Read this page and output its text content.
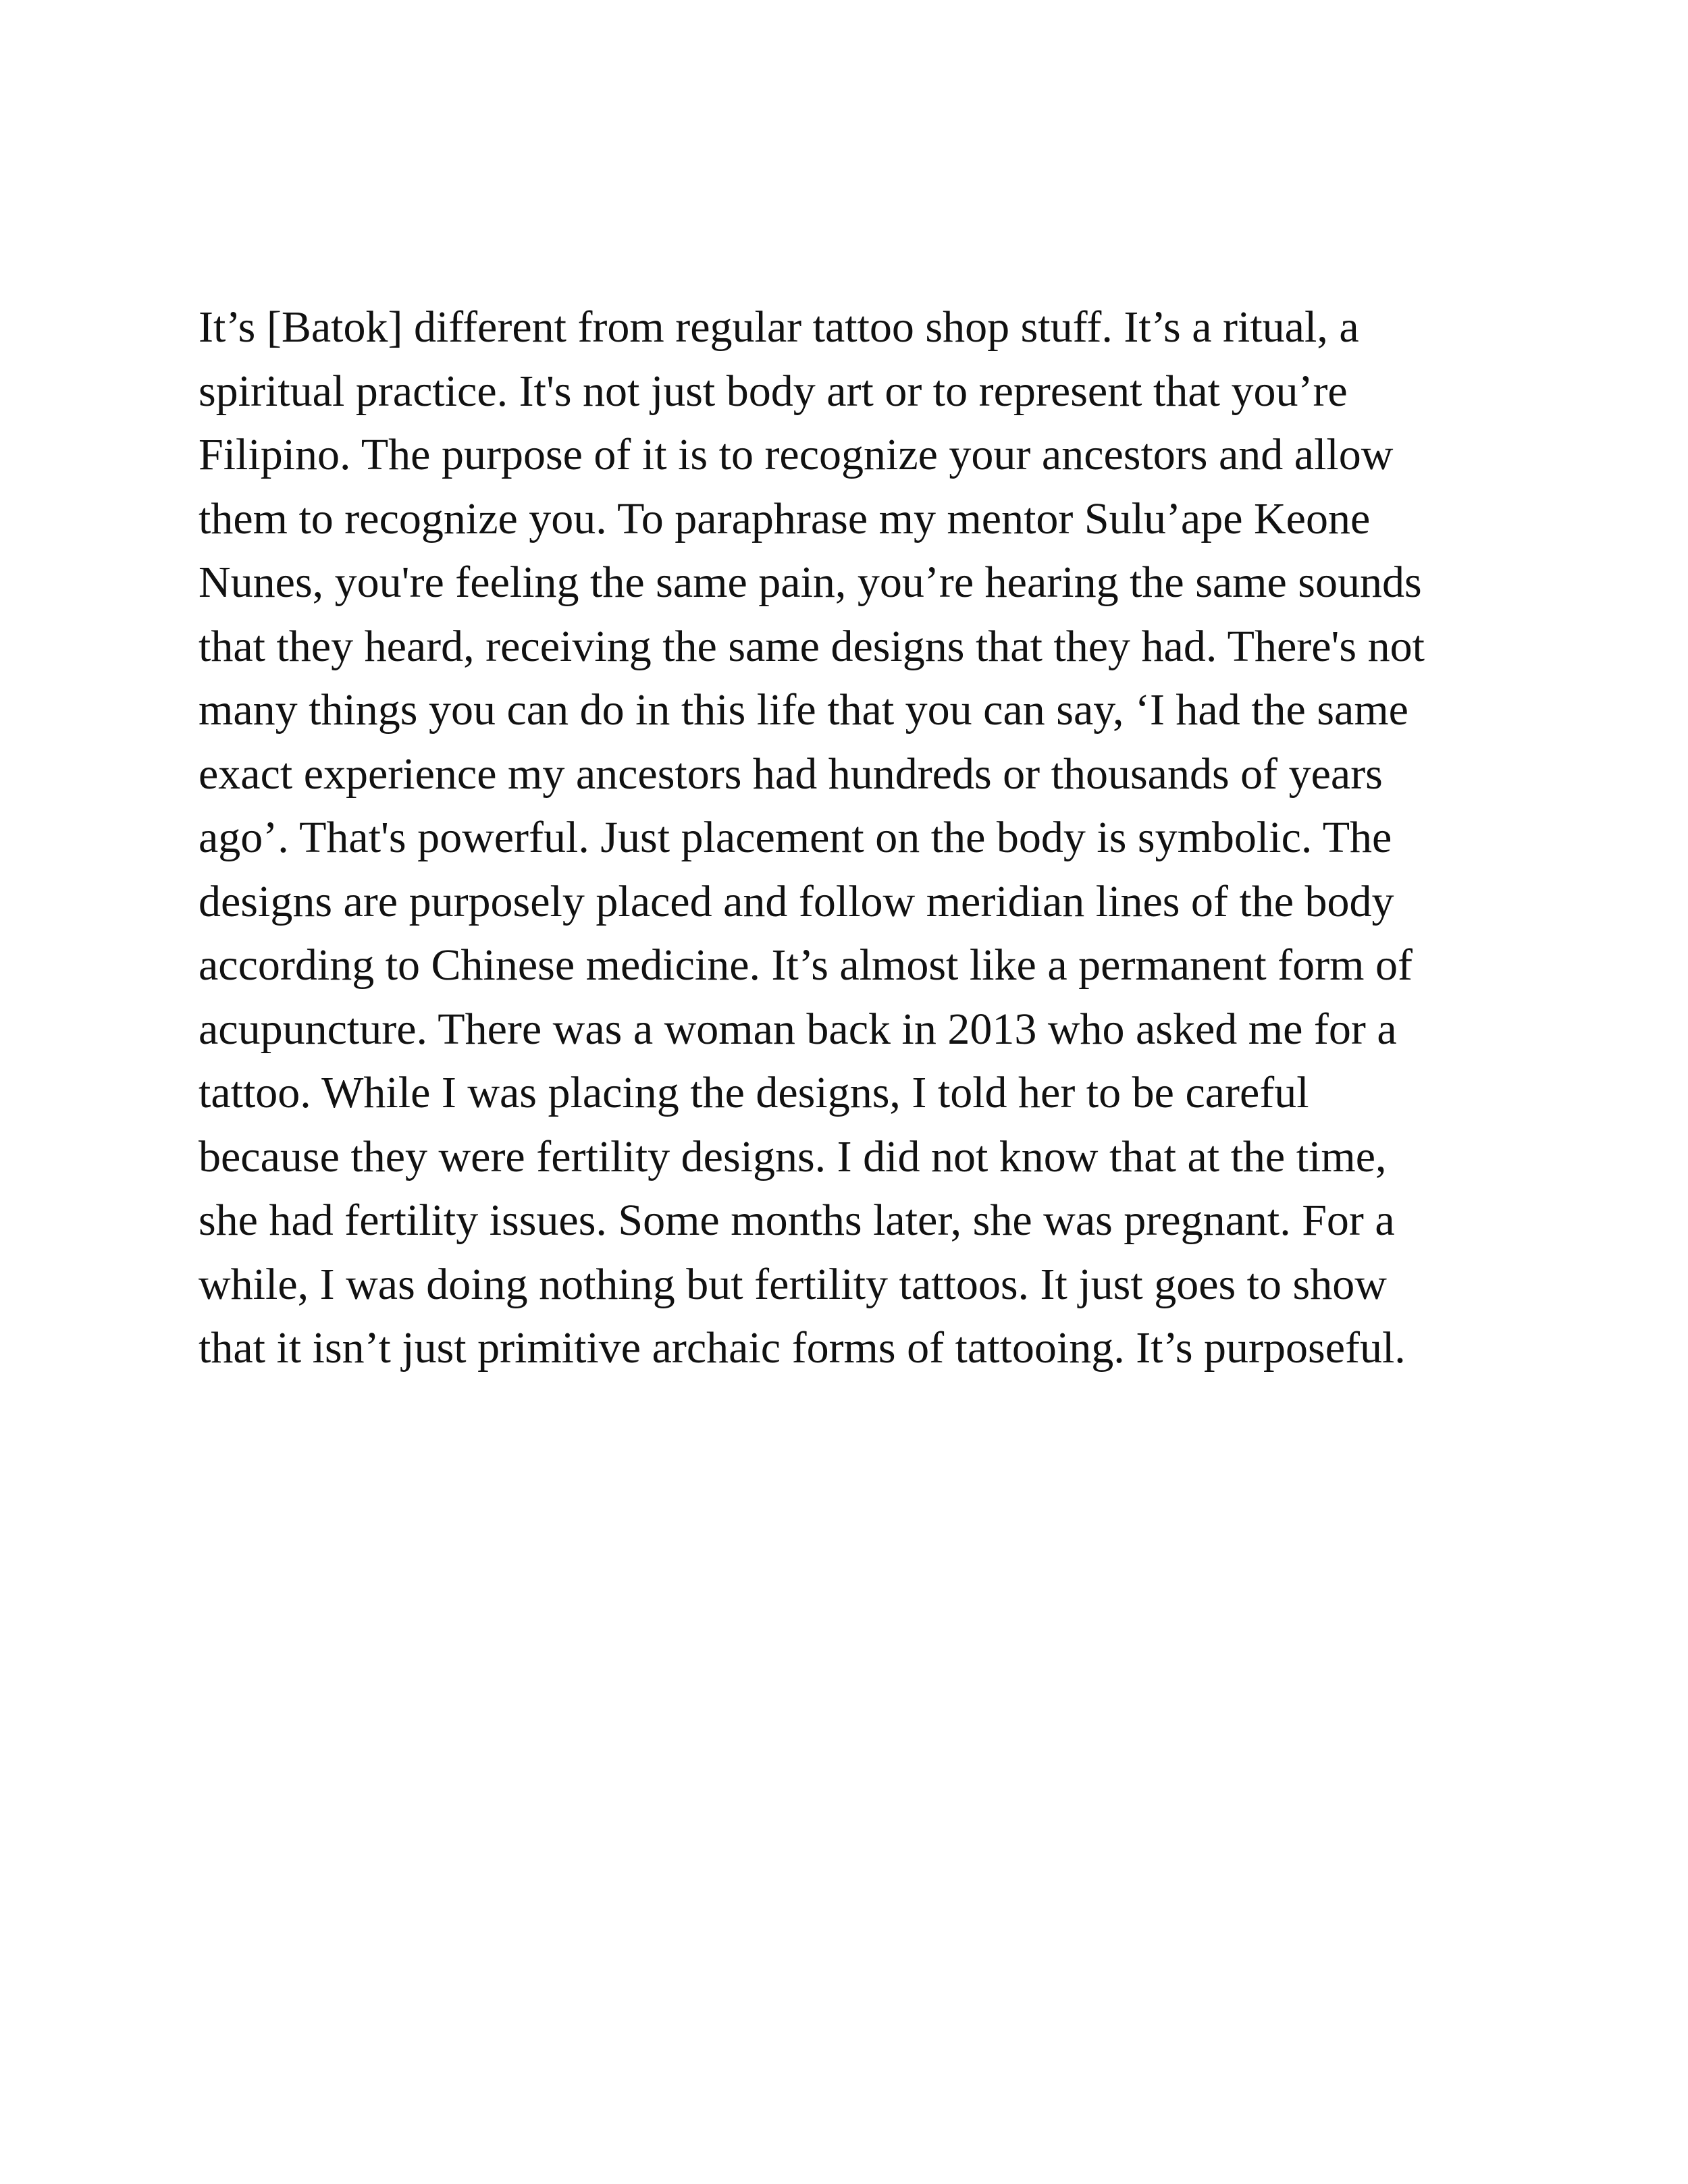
It’s [Batok] different from regular tattoo shop stuff. It’s a ritual, a
spiritual practice. It's not just body art or to represent that you’re
Filipino. The purpose of it is to recognize your ancestors and allow
them to recognize you. To paraphrase my mentor Sulu’ape Keone
Nunes, you're feeling the same pain, you’re hearing the same sounds
that they heard, receiving the same designs that they had. There's not
many things you can do in this life that you can say, ‘I had the same
exact experience my ancestors had hundreds or thousands of years
ago’. That's powerful. Just placement on the body is symbolic. The
designs are purposely placed and follow meridian lines of the body
according to Chinese medicine. It’s almost like a permanent form of
acupuncture. There was a woman back in 2013 who asked me for a
tattoo. While I was placing the designs, I told her to be careful
because they were fertility designs. I did not know that at the time,
she had fertility issues. Some months later, she was pregnant. For a
while, I was doing nothing but fertility tattoos. It just goes to show
that it isn’t just primitive archaic forms of tattooing. It’s purposeful.
